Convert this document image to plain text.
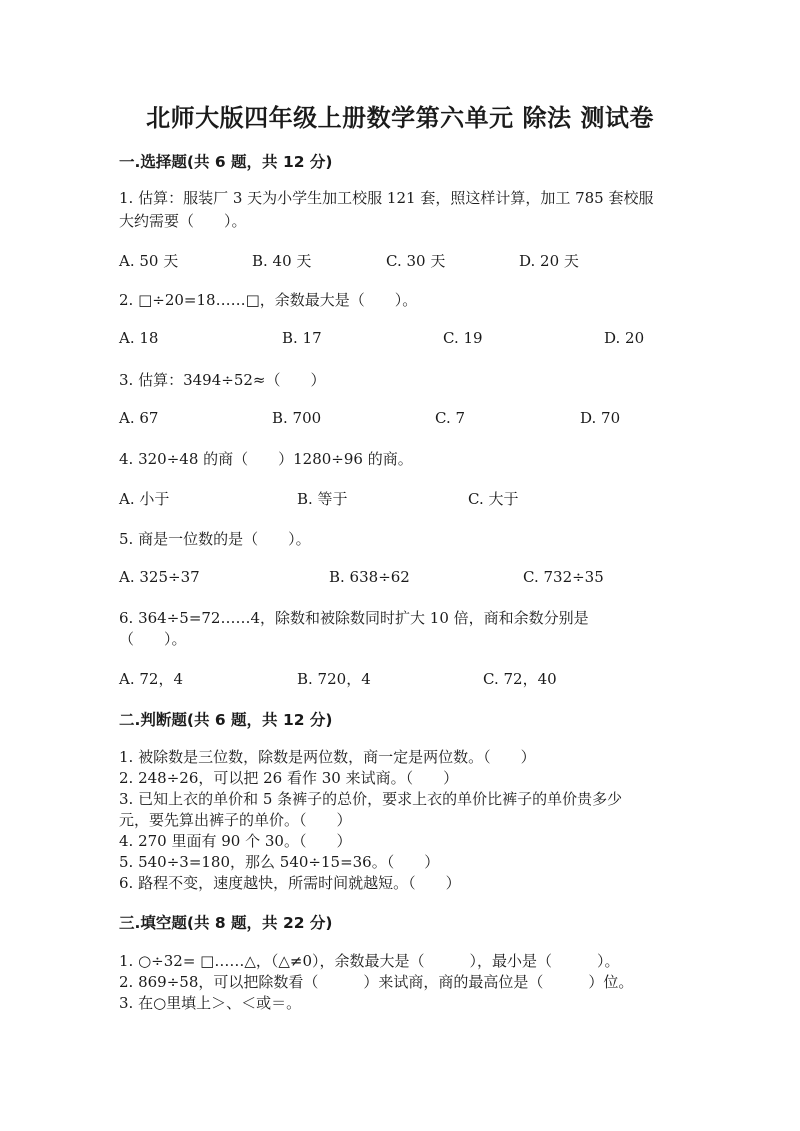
北师大版四年级上册数学第六单元 除法 测试卷
一.选择题(共 6 题，共 12 分)
1. 估算：服装厂 3 天为小学生加工校服 121 套，照这样计算，加工 785 套校服
大约需要（　　）。
A. 50 天	B. 40 天	C. 30 天	D. 20 天
2. □÷20=18……□，余数最大是（　　）。
A. 18	B. 17	C. 19	D. 20
3. 估算：3494÷52≈（　　）
A. 67	B. 700	C. 7	D. 70
4. 320÷48 的商（　　）1280÷96 的商。
A. 小于	B. 等于	C. 大于
5. 商是一位数的是（　　）。
A. 325÷37	B. 638÷62	C. 732÷35
6. 364÷5=72……4，除数和被除数同时扩大 10 倍，商和余数分别是
（　　）。
A. 72，4	B. 720，4	C. 72，40
二.判断题(共 6 题，共 12 分)
1. 被除数是三位数，除数是两位数，商一定是两位数。（　　）
2. 248÷26，可以把 26 看作 30 来试商。（　　）
3. 已知上衣的单价和 5 条裤子的总价，要求上衣的单价比裤子的单价贵多少
元，要先算出裤子的单价。（　　）
4. 270 里面有 90 个 30。（　　）
5. 540÷3=180，那么 540÷15=36。（　　）
6. 路程不变，速度越快，所需时间就越短。（　　）
三.填空题(共 8 题，共 22 分)
1. ○÷32= □……△，（△≠0），余数最大是（　　　），最小是（　　　）。
2. 869÷58，可以把除数看（　　　）来试商，商的最高位是（　　　）位。
3. 在○里填上＞、＜或＝。
